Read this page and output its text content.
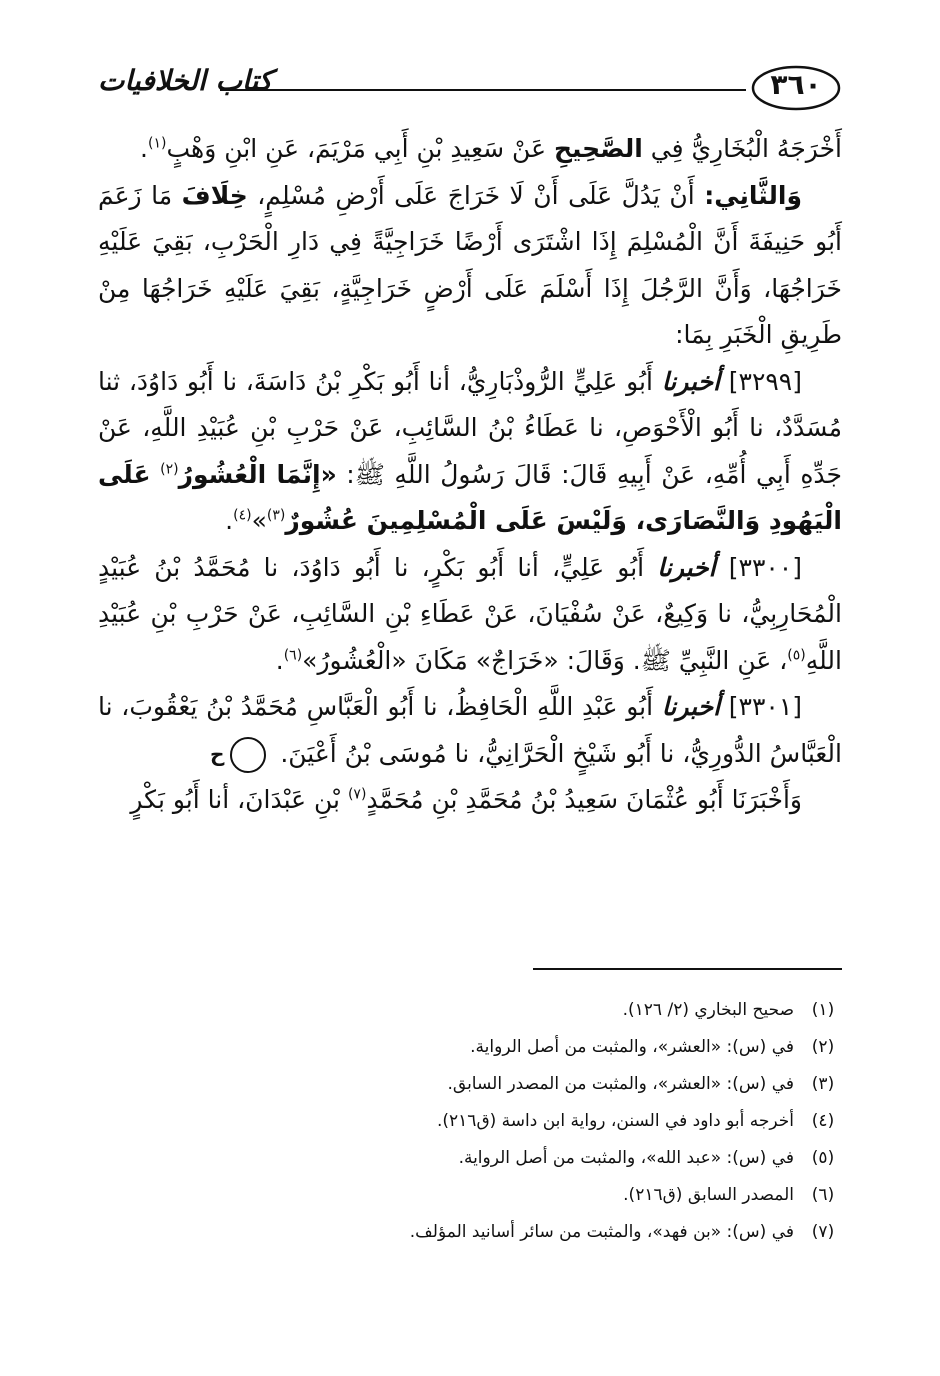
٣٦٠
كتاب الخلافيات

أَخْرَجَهُ الْبُخَارِيُّ فِي الصَّحِيحِ عَنْ سَعِيدِ بْنِ أَبِي مَرْيَمَ، عَنِ ابْنِ وَهْبٍ$^{(١)}$.

وَالثَّانِي: أَنْ يَدُلَّ عَلَى أَنْ لَا خَرَاجَ عَلَى أَرْضِ مُسْلِمٍ، خِلَافَ مَا زَعَمَ أَبُو حَنِيفَةَ أَنَّ الْمُسْلِمَ إِذَا اشْتَرَى أَرْضًا خَرَاجِيَّةً فِي دَارِ الْحَرْبِ، بَقِيَ عَلَيْهِ خَرَاجُهَا، وَأَنَّ الرَّجُلَ إِذَا أَسْلَمَ عَلَى أَرْضٍ خَرَاجِيَّةٍ، بَقِيَ عَلَيْهِ خَرَاجُهَا مِنْ طَرِيقِ الْخَبَرِ بِمَا:

[٣٢٩٩] أخبرنا أَبُو عَلِيٍّ الرُّوذْبَارِيُّ، أنا أَبُو بَكْرِ بْنُ دَاسَةَ، نا أَبُو دَاوُدَ، ثنا مُسَدَّدٌ، نا أَبُو الْأَحْوَصِ، نا عَطَاءُ بْنُ السَّائِبِ، عَنْ حَرْبِ بْنِ عُبَيْدِ اللَّهِ، عَنْ جَدِّهِ أَبِي أُمِّهِ، عَنْ أَبِيهِ قَالَ: قَالَ رَسُولُ اللَّهِ ﷺ: «إِنَّمَا الْعُشُورُ$^{(٢)}$ عَلَى الْيَهُودِ وَالنَّصَارَى، وَلَيْسَ عَلَى الْمُسْلِمِينَ عُشُورٌ$^{(٣)}$»$^{(٤)}$.

[٣٣٠٠] أخبرنا أَبُو عَلِيٍّ، أنا أَبُو بَكْرٍ، نا أَبُو دَاوُدَ، نا مُحَمَّدُ بْنُ عُبَيْدٍ الْمُحَارِبِيُّ، نا وَكِيعٌ، عَنْ سُفْيَانَ، عَنْ عَطَاءِ بْنِ السَّائِبِ، عَنْ حَرْبِ بْنِ عُبَيْدِ اللَّهِ$^{(٥)}$، عَنِ النَّبِيِّ ﷺ. وَقَالَ: «خَرَاجٌ» مَكَانَ «الْعُشُورُ»$^{(٦)}$.

[٣٣٠١] أخبرنا أَبُو عَبْدِ اللَّهِ الْحَافِظُ، نا أَبُو الْعَبَّاسِ مُحَمَّدُ بْنُ يَعْقُوبَ، نا الْعَبَّاسُ الدُّورِيُّ، نا أَبُو شَيْخٍ الْحَرَّانِيُّ، نا مُوسَى بْنُ أَعْيَنَ. ح

وَأَخْبَرَنَا أَبُو عُثْمَانَ سَعِيدُ بْنُ مُحَمَّدِ بْنِ مُحَمَّدٍ$^{(٧)}$ بْنِ عَبْدَانَ، أنا أَبُو بَكْرٍ

(١)صحيح البخاري (٢/ ١٢٦).
(٢)في (س): «العشر»، والمثبت من أصل الرواية.
(٣)في (س): «العشر»، والمثبت من المصدر السابق.
(٤)أخرجه أبو داود في السنن، رواية ابن داسة (ق٢١٦).
(٥)في (س): «عبد الله»، والمثبت من أصل الرواية.
(٦)المصدر السابق (ق٢١٦).
(٧)في (س): «بن فهد»، والمثبت من سائر أسانيد المؤلف.
